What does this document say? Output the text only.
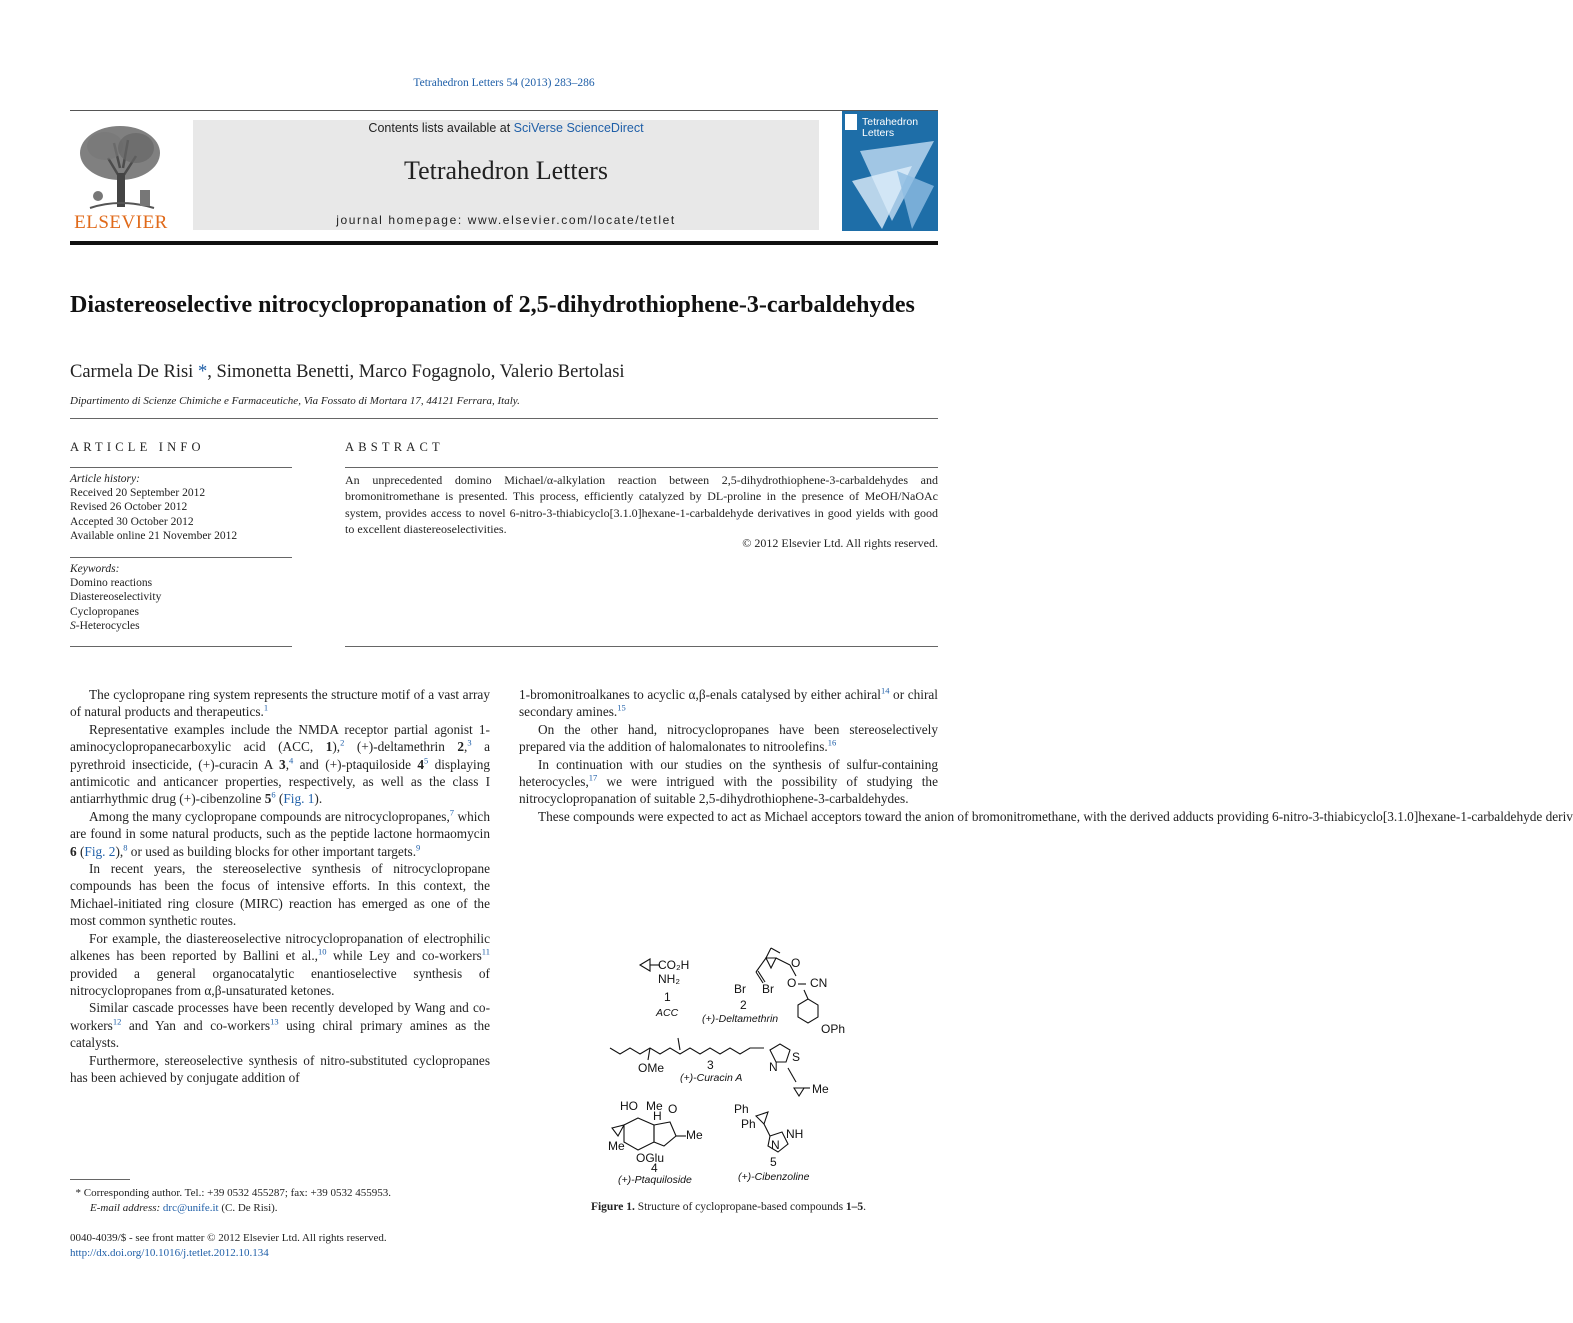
Tetrahedron Letters 54 (2013) 283–286
ELSEVIER
Contents lists available at SciVerse ScienceDirect
Tetrahedron Letters
journal homepage: www.elsevier.com/locate/tetlet
Tetrahedron Letters
Diastereoselective nitrocyclopropanation of 2,5-dihydrothiophene-3-carbaldehydes
Carmela De Risi *, Simonetta Benetti, Marco Fogagnolo, Valerio Bertolasi
Dipartimento di Scienze Chimiche e Farmaceutiche, Via Fossato di Mortara 17, 44121 Ferrara, Italy.
ARTICLE INFO
Article history:
Received 20 September 2012
Revised 26 October 2012
Accepted 30 October 2012
Available online 21 November 2012
Keywords:
Domino reactions
Diastereoselectivity
Cyclopropanes
S-Heterocycles
ABSTRACT
An unprecedented domino Michael/α-alkylation reaction between 2,5-dihydrothiophene-3-carbaldehydes and bromonitromethane is presented. This process, efficiently catalyzed by DL-proline in the presence of MeOH/NaOAc system, provides access to novel 6-nitro-3-thiabicyclo[3.1.0]hexane-1-carbaldehyde derivatives in good yields with good to excellent diastereoselectivities.
© 2012 Elsevier Ltd. All rights reserved.

The cyclopropane ring system represents the structure motif of a vast array of natural products and therapeutics.$^1$

Representative examples include the NMDA receptor partial agonist 1-aminocyclopropanecarboxylic acid (ACC, 1),$^2$ (+)-deltamethrin 2,$^3$ a pyrethroid insecticide, (+)-curacin A 3,$^4$ and (+)-ptaquiloside $4^5$ displaying antimicotic and anticancer properties, respectively, as well as the class I antiarrhythmic drug (+)-cibenzoline $5^6$ (Fig. 1).

Among the many cyclopropane compounds are nitrocyclopropanes,$^7$ which are found in some natural products, such as the peptide lactone hormaomycin 6 (Fig. 2),$^8$ or used as building blocks for other important targets.$^9$

In recent years, the stereoselective synthesis of nitrocyclopropane compounds has been the focus of intensive efforts. In this context, the Michael-initiated ring closure (MIRC) reaction has emerged as one of the most common synthetic routes.

For example, the diastereoselective nitrocyclopropanation of electrophilic alkenes has been reported by Ballini et al.,$^{10}$ while Ley and co-workers$^{11}$ provided a general organocatalytic enantioselective synthesis of nitrocyclopropanes from α,β-unsaturated ketones.

Similar cascade processes have been recently developed by Wang and co-workers$^{12}$ and Yan and co-workers$^{13}$ using chiral primary amines as the catalysts.

Furthermore, stereoselective synthesis of nitro-substituted cyclopropanes has been achieved by conjugate addition of

1-bromonitroalkanes to acyclic α,β-enals catalysed by either achiral$^{14}$ or chiral secondary amines.$^{15}$

On the other hand, nitrocyclopropanes have been stereoselectively prepared via the addition of halomalonates to nitroolefins.$^{16}$

In continuation with our studies on the synthesis of sulfur-containing heterocycles,$^{17}$ we were intrigued with the possibility of studying the nitrocyclopropanation of suitable 2,5-dihydrothiophene-3-carbaldehydes.

These compounds were expected to act as Michael acceptors toward the anion of bromonitromethane, with the derived adducts providing 6-nitro-3-thiabicyclo[3.1.0]hexane-1-carbaldehyde deriv

CO₂H
NH₂
1
ACC
Br Br
O
O CN
OPh
2
(+)-Deltamethrin
OMe
S
N
Me
3
(+)-Curacin A
HO Me
H O
Me
Me
OGlu
4
(+)-Ptaquiloside
Ph
Ph
N
NH
5
(+)-Cibenzoline
Figure 1. Structure of cyclopropane-based compounds 1–5.
* Corresponding author. Tel.: +39 0532 455287; fax: +39 0532 455953.
E-mail address: drc@unife.it (C. De Risi).
0040-4039/$ - see front matter © 2012 Elsevier Ltd. All rights reserved.
http://dx.doi.org/10.1016/j.tetlet.2012.10.134
